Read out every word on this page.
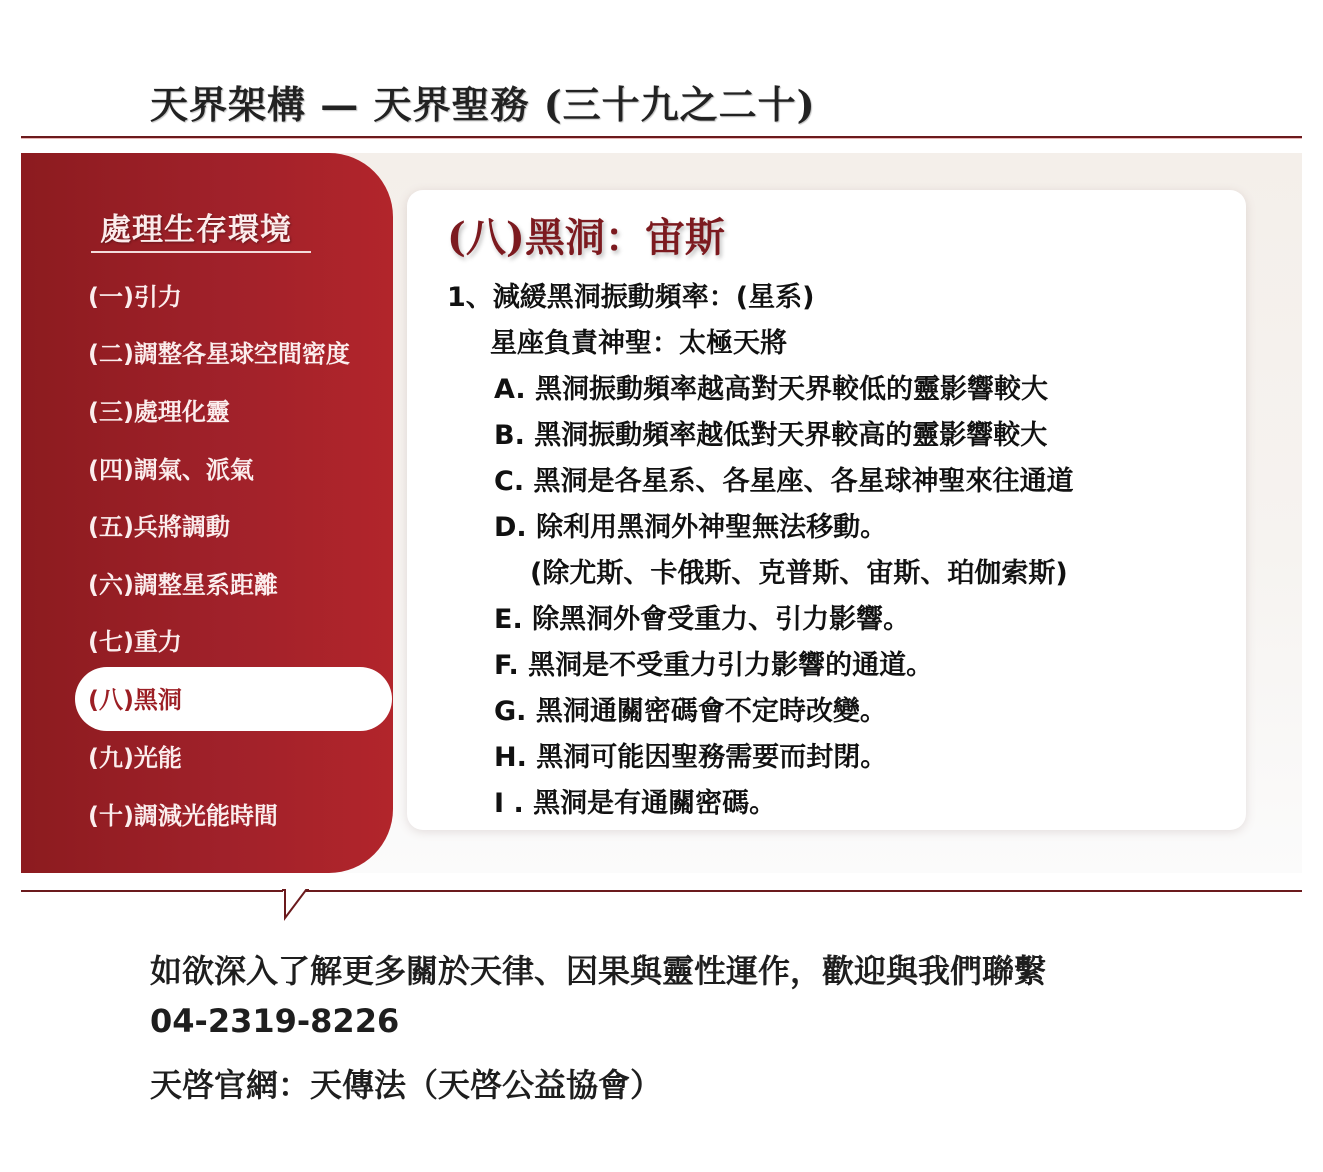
天界架構 — 天界聖務 (三十九之二十)
處理生存環境
(一)引力
(二)調整各星球空間密度
(三)處理化靈
(四)調氣、派氣
(五)兵將調動
(六)調整星系距離
(七)重力
(八)黑洞
(九)光能
(十)調減光能時間
(八)黑洞：宙斯
1、減緩黑洞振動頻率：(星系)
星座負責神聖：太極天將
A. 黑洞振動頻率越高對天界較低的靈影響較大
B. 黑洞振動頻率越低對天界較高的靈影響較大
C. 黑洞是各星系、各星座、各星球神聖來往通道
D. 除利用黑洞外神聖無法移動。
(除尤斯、卡俄斯、克普斯、宙斯、珀伽索斯)
E. 除黑洞外會受重力、引力影響。
F. 黑洞是不受重力引力影響的通道。
G. 黑洞通關密碼會不定時改變。
H. 黑洞可能因聖務需要而封閉。
I . 黑洞是有通關密碼。
如欲深入了解更多關於天律、因果與靈性運作，歡迎與我們聯繫
04-2319-8226
天啓官網：天傳法（天啓公益協會）
